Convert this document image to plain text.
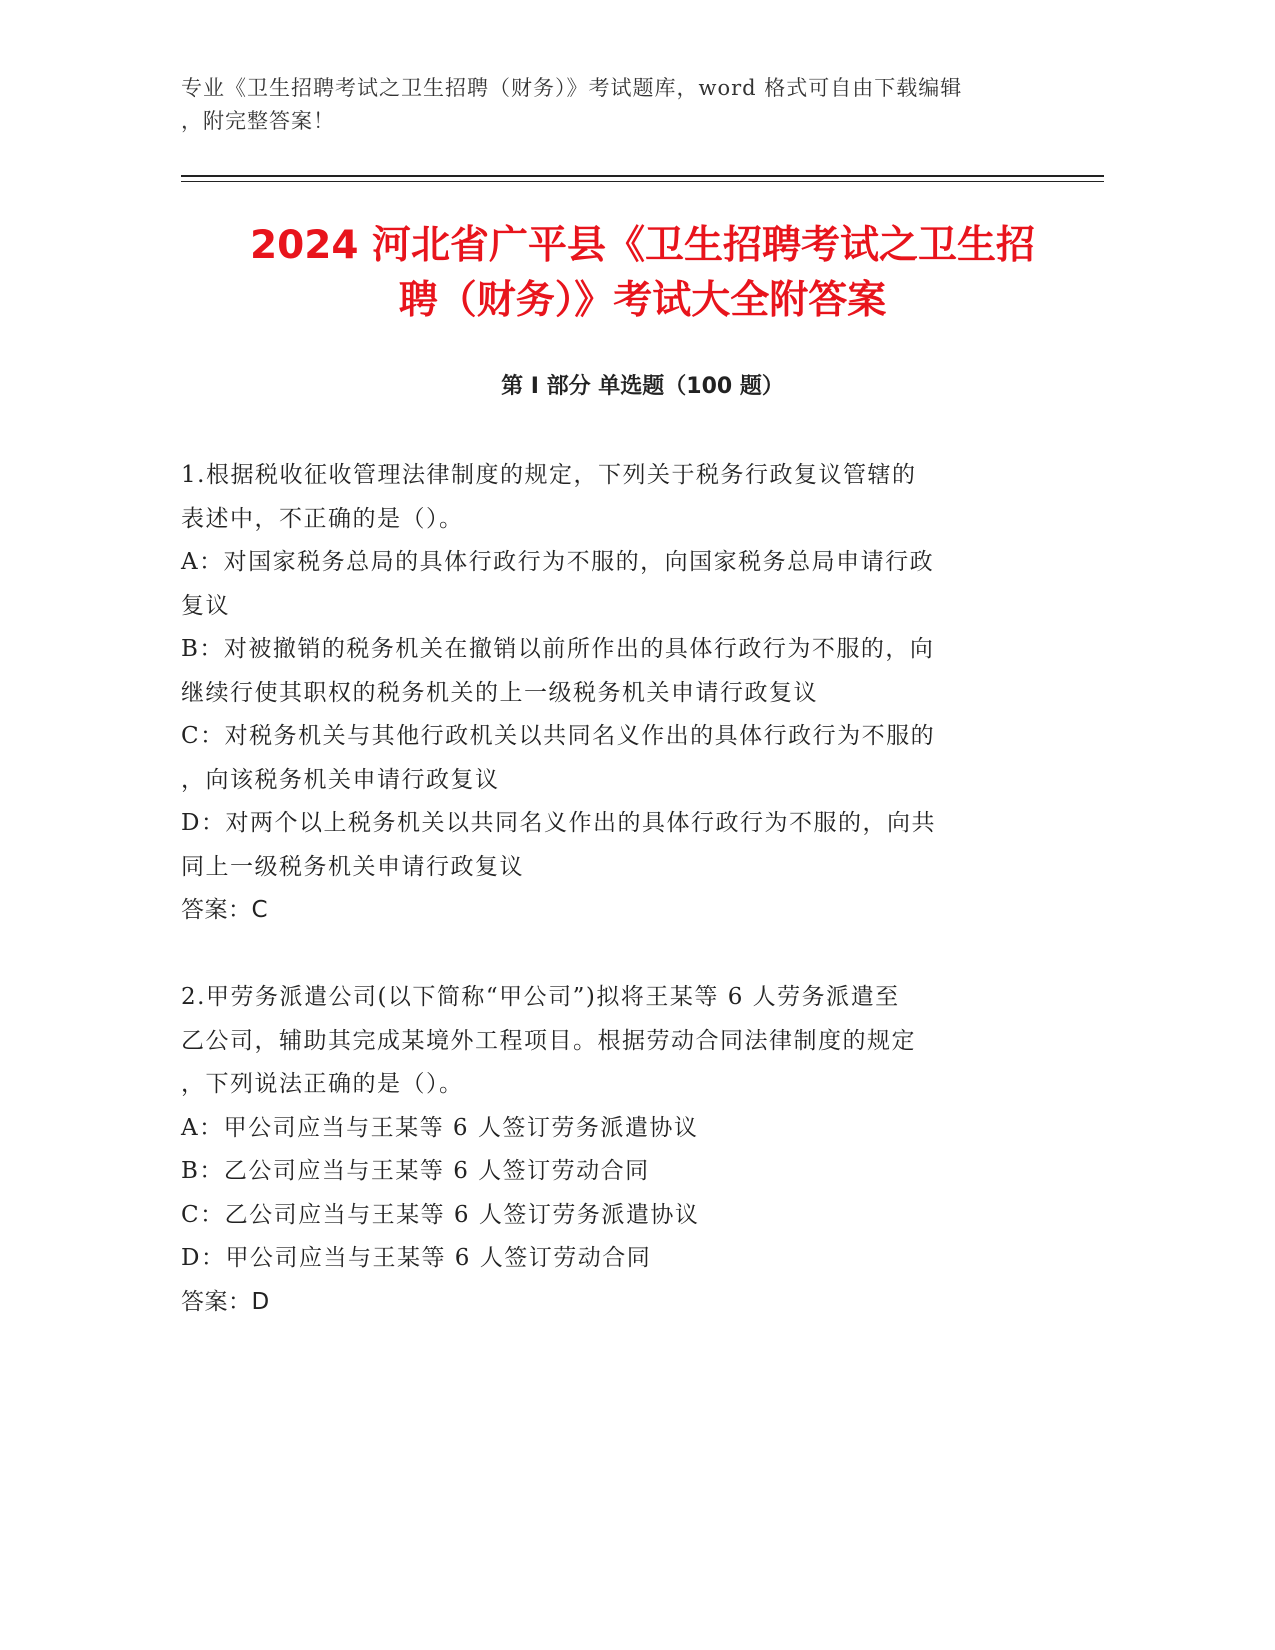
专业《卫生招聘考试之卫生招聘（财务）》考试题库，word 格式可自由下载编辑
，附完整答案！
2024 河北省广平县《卫生招聘考试之卫生招
聘（财务）》考试大全附答案
第 I 部分 单选题（100 题）
1.根据税收征收管理法律制度的规定，下列关于税务行政复议管辖的
表述中，不正确的是（）。
A：对国家税务总局的具体行政行为不服的，向国家税务总局申请行政
复议
B：对被撤销的税务机关在撤销以前所作出的具体行政行为不服的，向
继续行使其职权的税务机关的上一级税务机关申请行政复议
C：对税务机关与其他行政机关以共同名义作出的具体行政行为不服的
，向该税务机关申请行政复议
D：对两个以上税务机关以共同名义作出的具体行政行为不服的，向共
同上一级税务机关申请行政复议
答案：C
2.甲劳务派遣公司(以下简称“甲公司”)拟将王某等 6 人劳务派遣至
乙公司，辅助其完成某境外工程项目。根据劳动合同法律制度的规定
，下列说法正确的是（）。
A：甲公司应当与王某等 6 人签订劳务派遣协议
B：乙公司应当与王某等 6 人签订劳动合同
C：乙公司应当与王某等 6 人签订劳务派遣协议
D：甲公司应当与王某等 6 人签订劳动合同
答案：D
